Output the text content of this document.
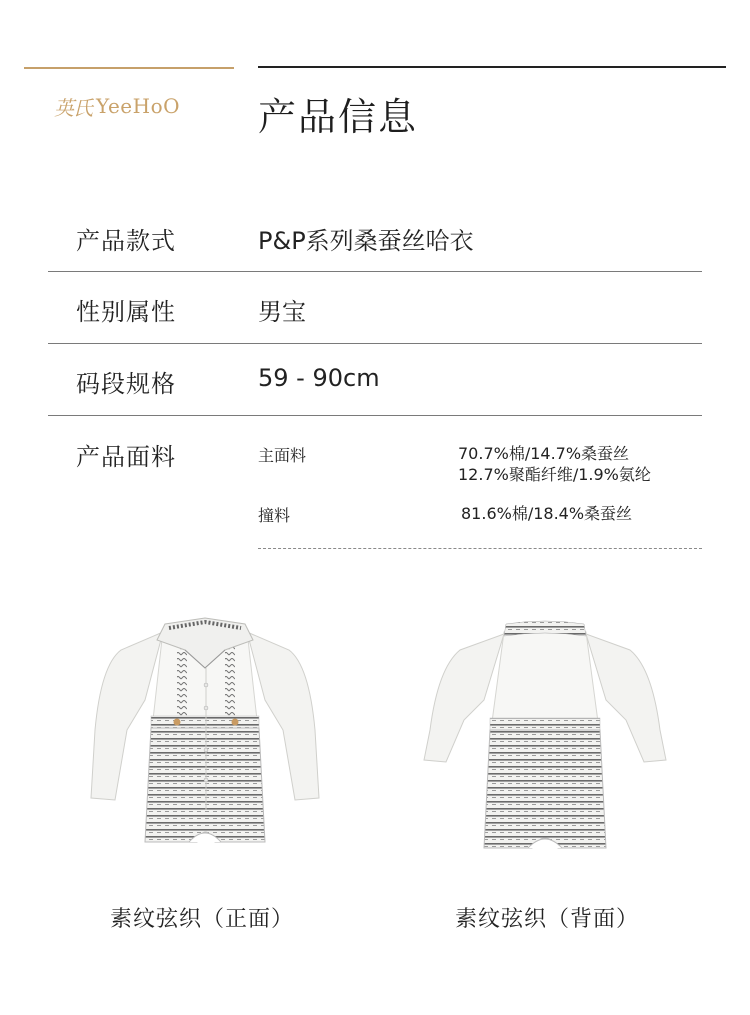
英氏 YeeHoO 产品信息
产品款式	P&P系列桑蚕丝哈衣
性别属性	男宝
码段规格	59 - 90cm
产品面料	主面料	70.7%棉/14.7%桑蚕丝
12.7%聚酯纤维/1.9%氨纶
撞料	81.6%棉/18.4%桑蚕丝
素纹弦织（正面）	素纹弦织（背面）
